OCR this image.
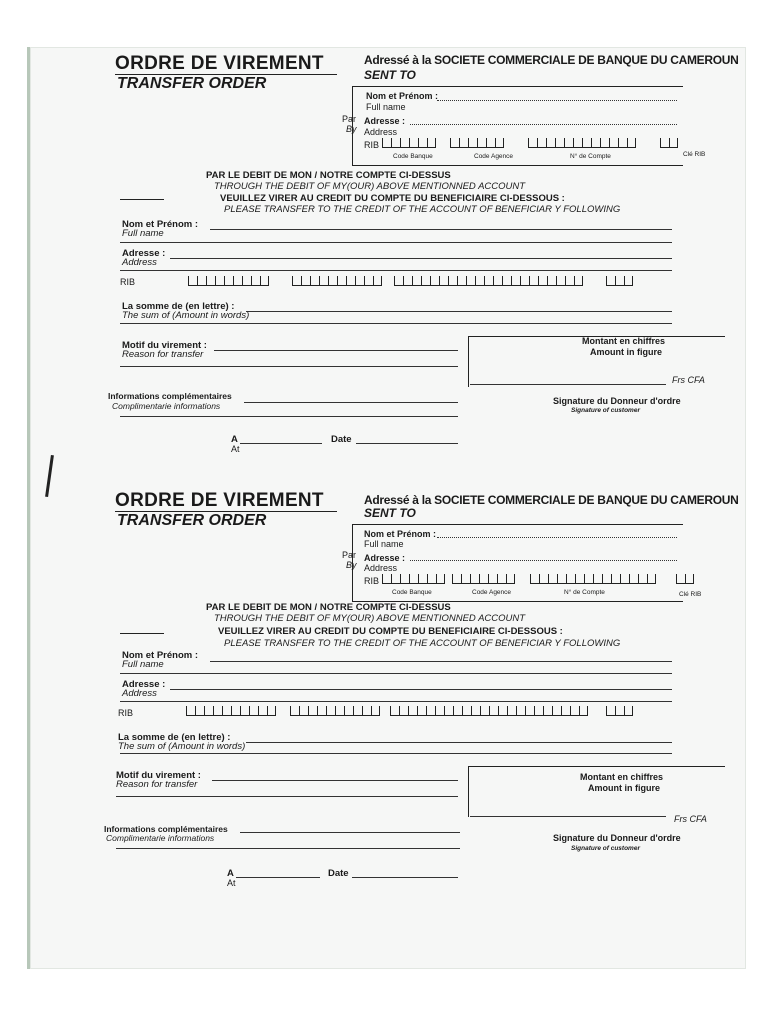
ORDRE DE VIREMENT
TRANSFER ORDER
Adressé à la SOCIETE COMMERCIALE DE BANQUE DU CAMEROUN
SENT TO
Par
By
Nom et Prénom :
Full name
Adresse :
Address
RIB
Code Banque	Code Agence	N° de Compte	Clé RIB
PAR LE DEBIT DE MON / NOTRE COMPTE CI-DESSUS
THROUGH THE DEBIT OF MY(OUR) ABOVE MENTIONNED ACCOUNT
VEUILLEZ VIRER AU CREDIT DU COMPTE DU BENEFICIAIRE CI-DESSOUS :
PLEASE TRANSFER TO THE CREDIT OF THE ACCOUNT OF BENEFICIAR Y FOLLOWING
Nom et Prénom :
Full name
Adresse :
Address
RIB
La somme de (en lettre) :
The sum of (Amount in words)
Motif du virement :
Reason for transfer
Montant en chiffres
Amount in figure
Frs CFA
Informations complémentaires
Complimentarie informations	Signature du Donneur d'ordre
Signature of customer
A
At
Date
ORDRE DE VIREMENT
TRANSFER ORDER
Adressé à la SOCIETE COMMERCIALE DE BANQUE DU CAMEROUN
SENT TO
Par
By
Nom et Prénom :
Full name
Adresse :
Address
RIB
Code Banque	Code Agence	N° de Compte	Clé RIB
PAR LE DEBIT DE MON / NOTRE COMPTE CI-DESSUS
THROUGH THE DEBIT OF MY(OUR) ABOVE MENTIONNED ACCOUNT
VEUILLEZ VIRER AU CREDIT DU COMPTE DU BENEFICIAIRE CI-DESSOUS :
PLEASE TRANSFER TO THE CREDIT OF THE ACCOUNT OF BENEFICIAR Y FOLLOWING
Nom et Prénom :
Full name
Adresse :
Address
RIB
La somme de (en lettre) :
The sum of (Amount in words)
Motif du virement :
Reason for transfer
Montant en chiffres
Amount in figure
Frs CFA
Informations complémentaires
Complimentarie informations	Signature du Donneur d'ordre
Signature of customer
A
At
Date
